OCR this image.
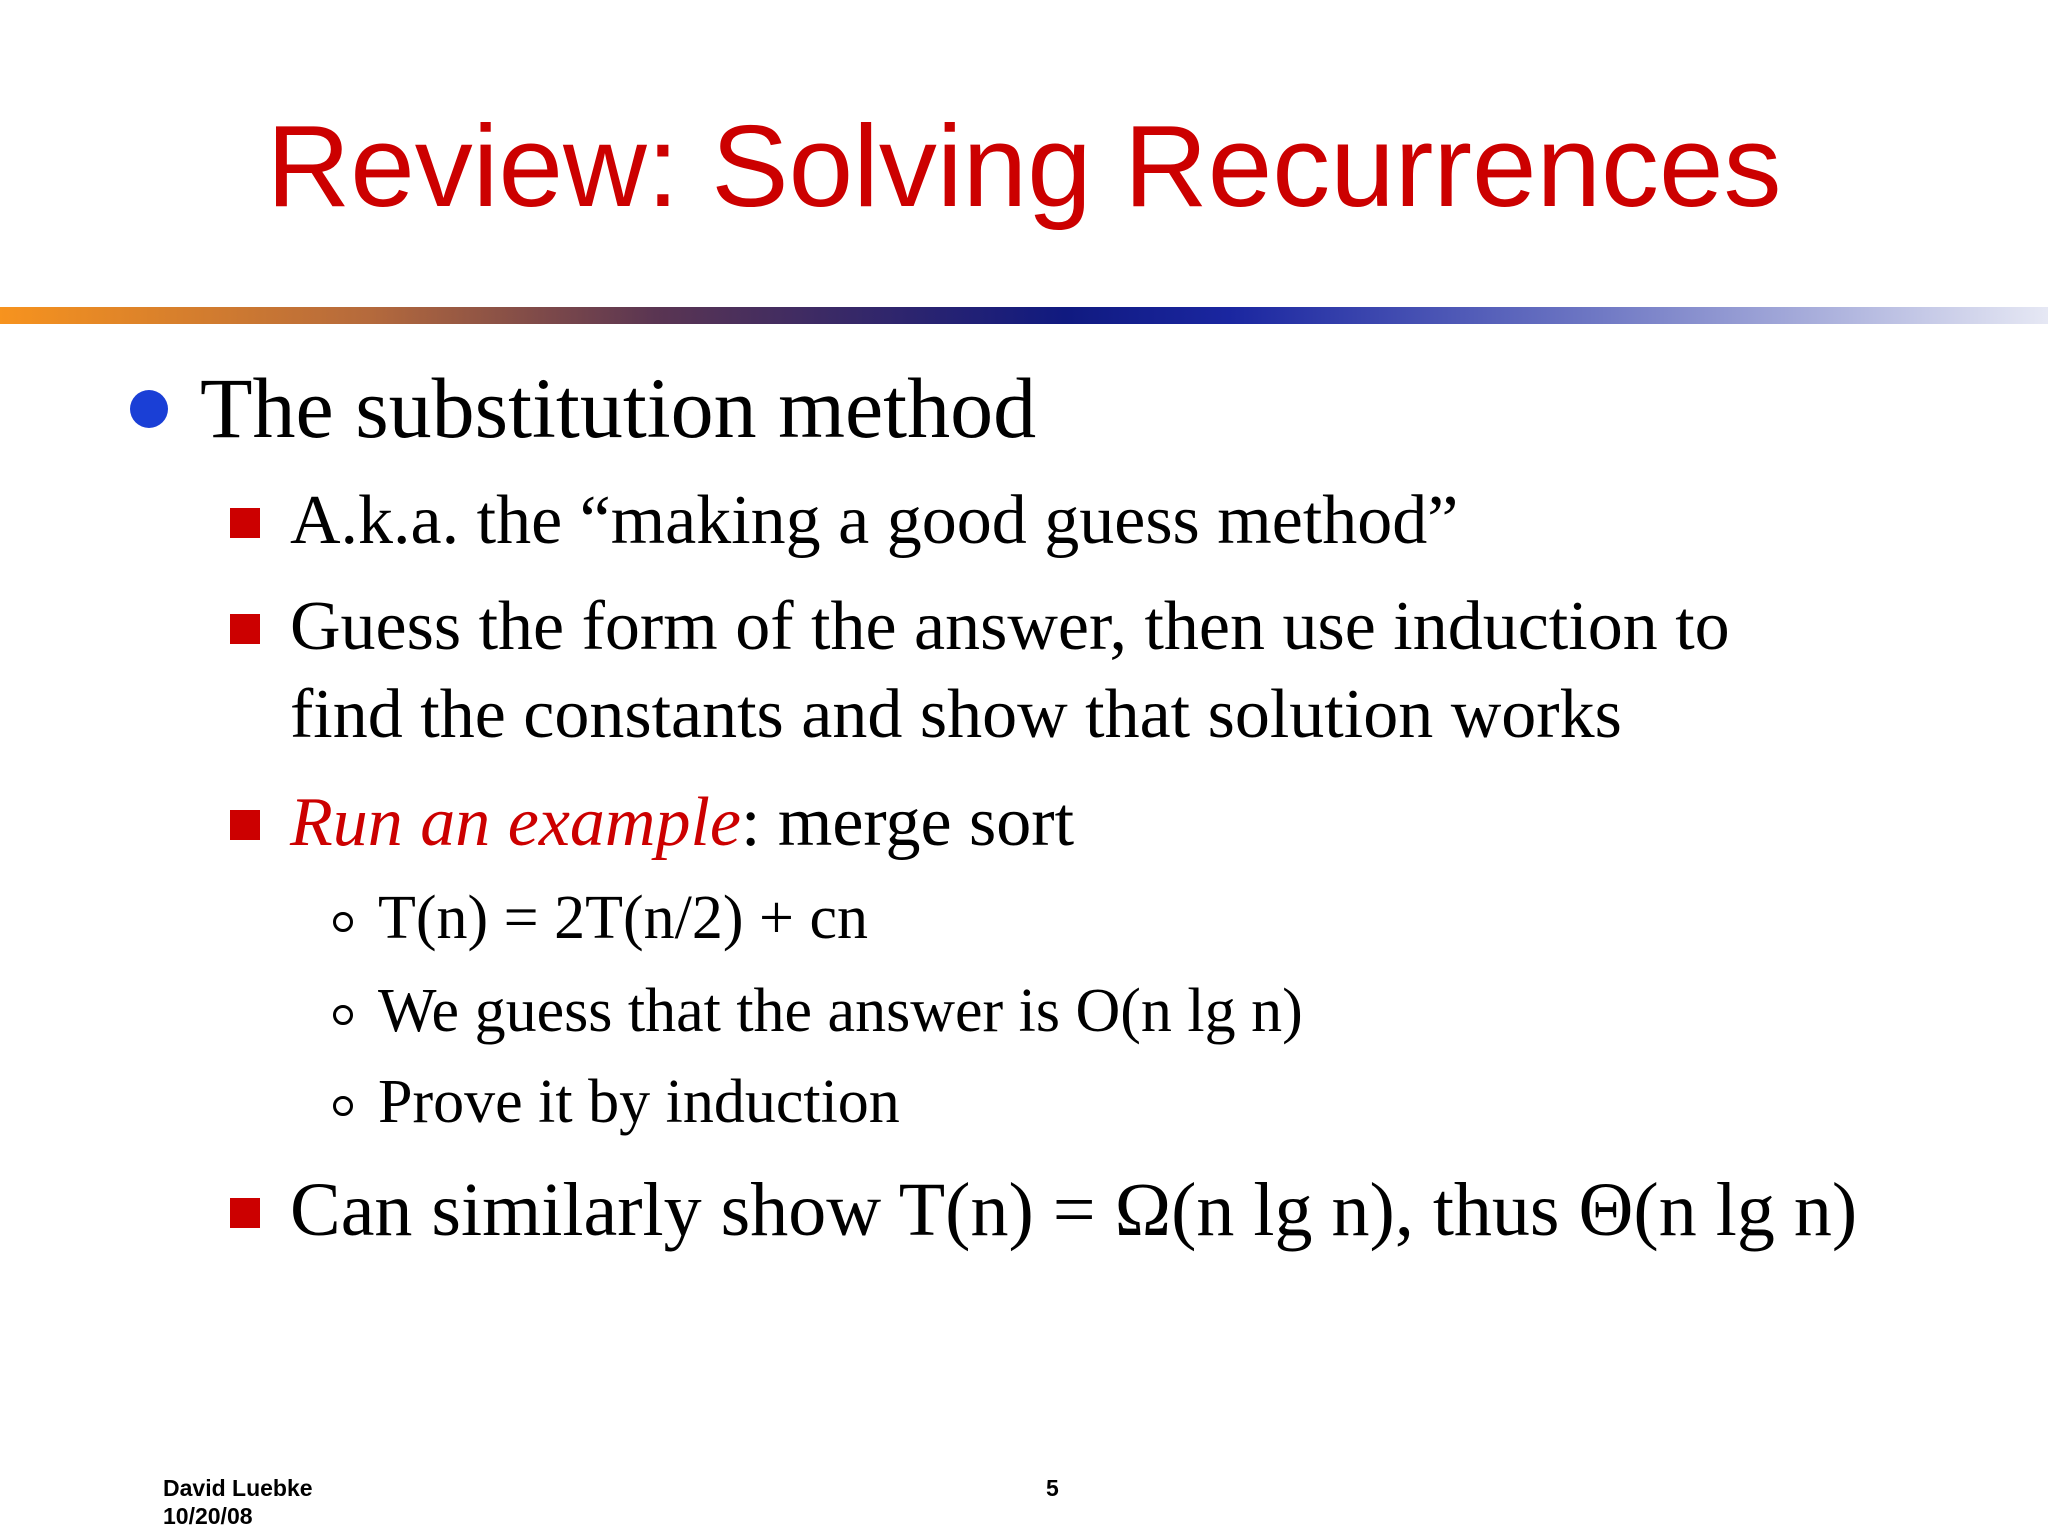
Review: Solving Recurrences
The substitution method
A.k.a. the “making a good guess method”
Guess the form of the answer, then use induction to
find the constants and show that solution works
Run an example: merge sort
T(n) = 2T(n/2) + cn
We guess that the answer is O(n lg n)
Prove it by induction
Can similarly show T(n) = Ω(n lg n), thus Θ(n lg n)
David Luebke
10/20/08
5
